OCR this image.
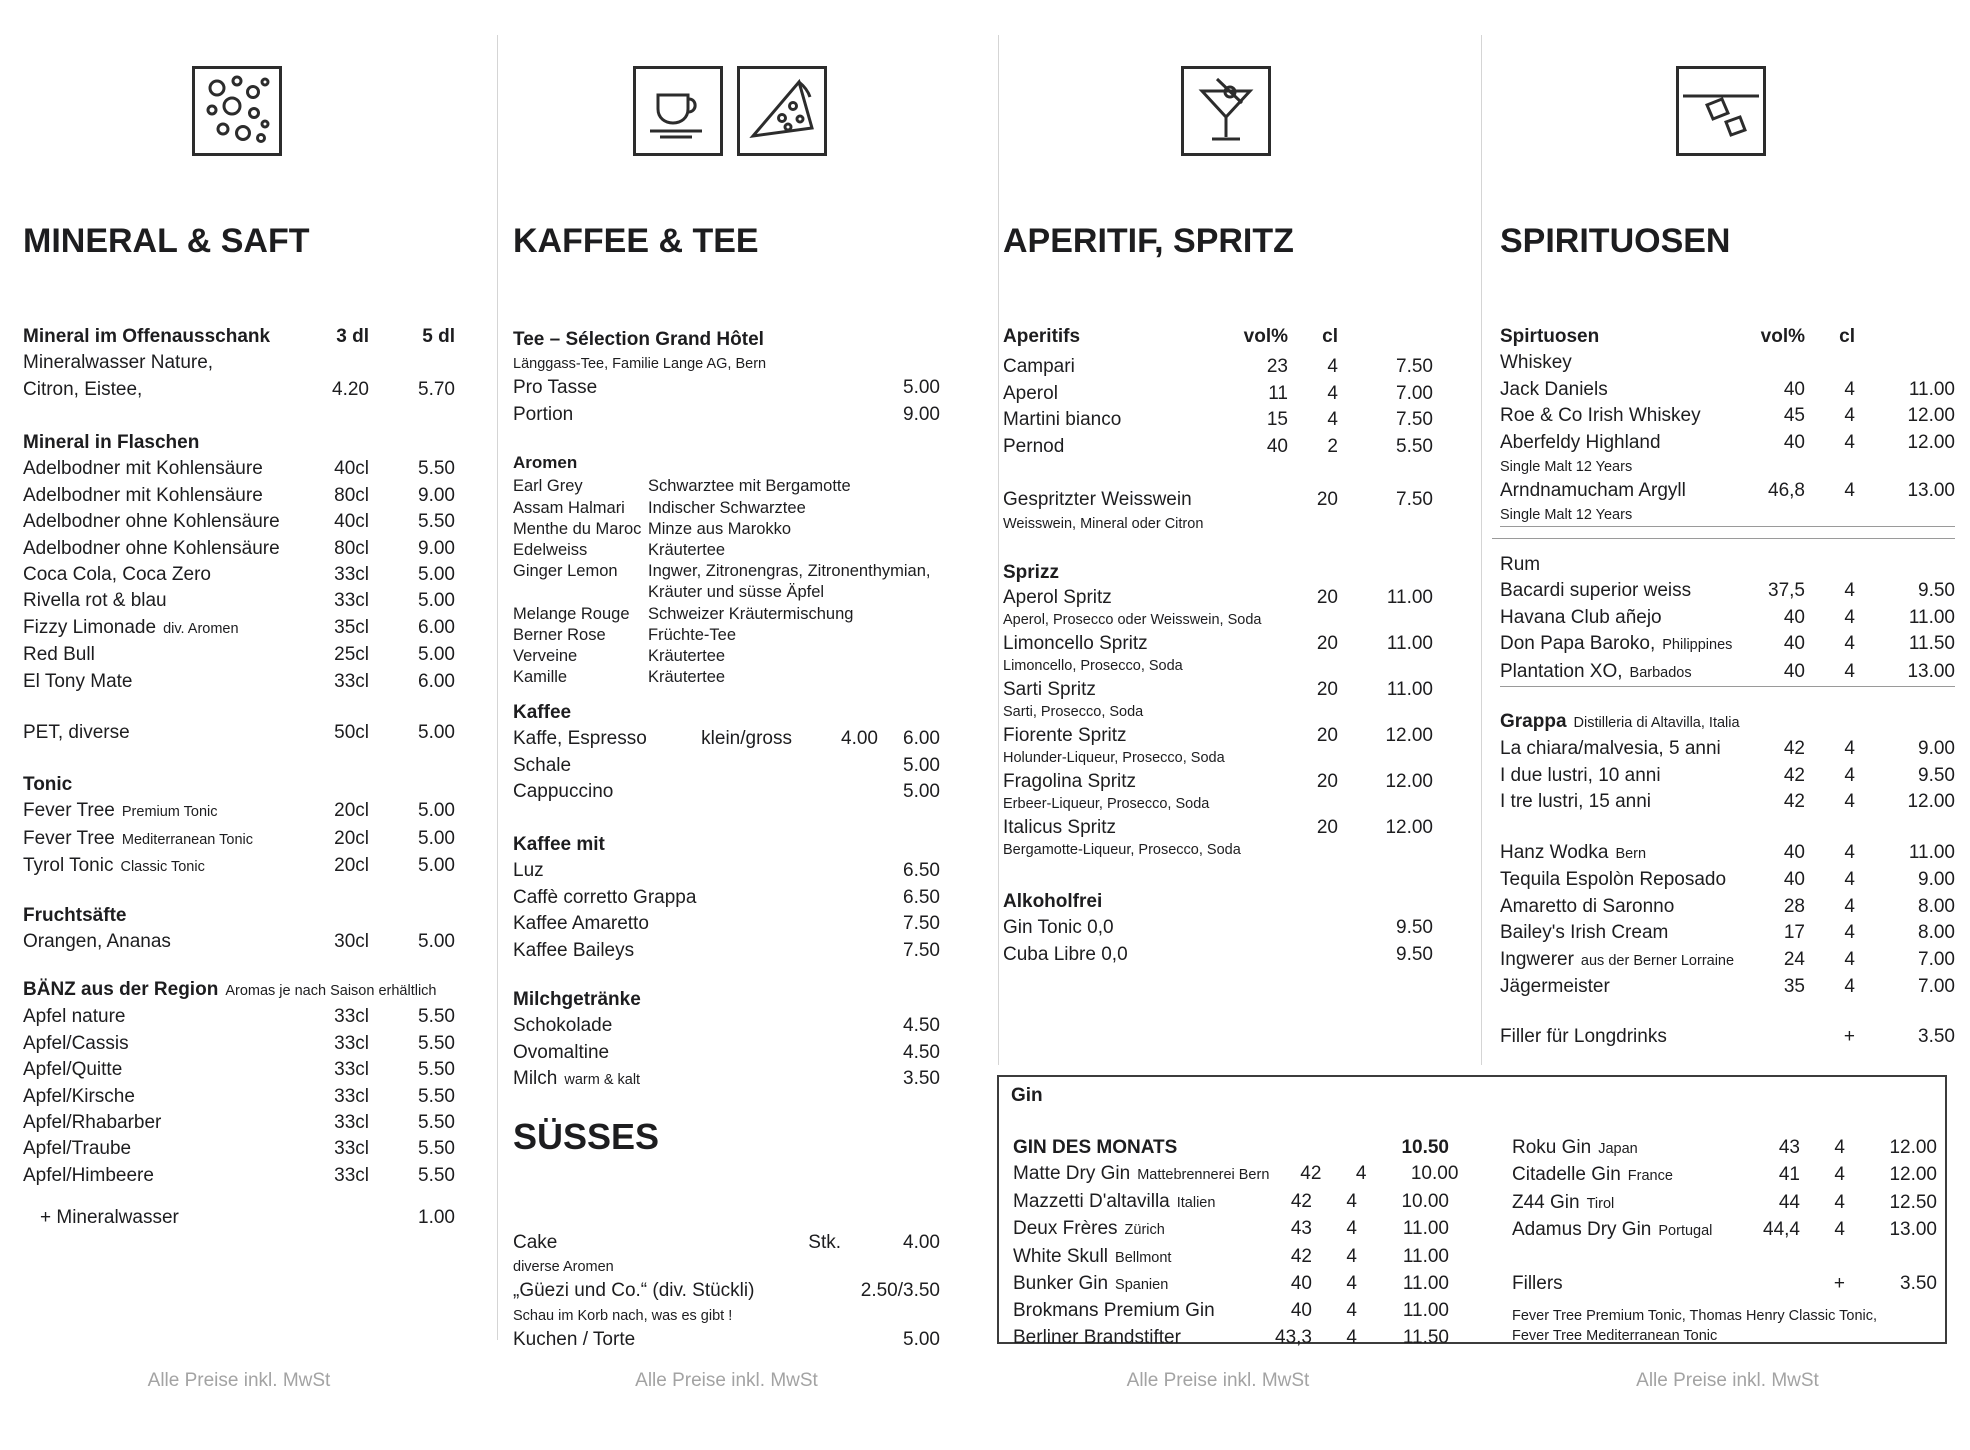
MINERAL & SAFT
Mineral im Offenausschank	3 dl	5 dl
Mineralwasser Nature,
Citron, Eistee,	4.20	5.70
Mineral in Flaschen
Adelbodner mit Kohlensäure	40cl	5.50
Adelbodner mit Kohlensäure	80cl	9.00
Adelbodner ohne Kohlensäure	40cl	5.50
Adelbodner ohne Kohlensäure	80cl	9.00
Coca Cola, Coca Zero	33cl	5.00
Rivella rot & blau	33cl	5.00
Fizzy Limonade div. Aromen	35cl	6.00
Red Bull	25cl	5.00
El Tony Mate	33cl	6.00
PET, diverse	50cl	5.00
Tonic
Fever Tree Premium Tonic	20cl	5.00
Fever Tree Mediterranean Tonic	20cl	5.00
Tyrol Tonic Classic Tonic	20cl	5.00
Fruchtsäfte
Orangen, Ananas	30cl	5.00
BÄNZ aus der Region Aromas je nach Saison erhältlich
Apfel nature	33cl	5.50
Apfel/Cassis	33cl	5.50
Apfel/Quitte	33cl	5.50
Apfel/Kirsche	33cl	5.50
Apfel/Rhabarber	33cl	5.50
Apfel/Traube	33cl	5.50
Apfel/Himbeere	33cl	5.50
+ Mineralwasser	1.00
Alle Preise inkl. MwSt
KAFFEE & TEE
Tee – Sélection Grand Hôtel
Länggass-Tee, Familie Lange AG, Bern
Pro Tasse	5.00
Portion	9.00
Aromen
Earl Grey	Schwarztee mit Bergamotte
Assam Halmari	Indischer Schwarztee
Menthe du Maroc Minze aus Marokko
Edelweiss	Kräutertee
Ginger Lemon	Ingwer, Zitronengras, Zitronenthymian, Kräuter und süsse Äpfel
Melange Rouge	Schweizer Kräutermischung
Berner Rose	Früchte-Tee
Verveine	Kräutertee
Kamille	Kräutertee
Kaffee
Kaffe, Espresso	klein/gross	4.00	6.00
Schale	5.00
Cappuccino	5.00
Kaffee mit
Luz	6.50
Caffè corretto Grappa	6.50
Kaffee Amaretto	7.50
Kaffee Baileys	7.50
Milchgetränke
Schokolade	4.50
Ovomaltine	4.50
Milch warm & kalt	3.50
SÜSSES
Cake	Stk.	4.00
diverse Aromen
„Güezi und Co.“ (div. Stückli)	2.50/3.50
Schau im Korb nach, was es gibt !
Kuchen / Torte	5.00
Alle Preise inkl. MwSt
APERITIF, SPRITZ
Aperitifs	vol%	cl
Campari	23	4	7.50
Aperol	11	4	7.00
Martini bianco	15	4	7.50
Pernod	40	2	5.50
Gespritzter Weisswein	20	7.50
Weisswein, Mineral oder Citron
Sprizz
Aperol Spritz	20	11.00
Aperol, Prosecco oder Weisswein, Soda
Limoncello Spritz	20	11.00
Limoncello, Prosecco, Soda
Sarti Spritz	20	11.00
Sarti, Prosecco, Soda
Fiorente Spritz	20	12.00
Holunder-Liqueur, Prosecco, Soda
Fragolina Spritz	20	12.00
Erbeer-Liqueur, Prosecco, Soda
Italicus Spritz	20	12.00
Bergamotte-Liqueur, Prosecco, Soda
Alkoholfrei
Gin Tonic 0,0	9.50
Cuba Libre 0,0	9.50
Alle Preise inkl. MwSt
SPIRITUOSEN
Spirtuosen	vol%	cl
Whiskey
Jack Daniels	40	4	11.00
Roe & Co Irish Whiskey	45	4	12.00
Aberfeldy Highland	40	4	12.00
Single Malt 12 Years
Arndnamucham Argyll	46,8	4	13.00
Single Malt 12 Years
Rum
Bacardi superior weiss	37,5	4	9.50
Havana Club añejo	40	4	11.00
Don Papa Baroko, Philippines	40	4	11.50
Plantation XO, Barbados	40	4	13.00
Grappa Distilleria di Altavilla, Italia
La chiara/malvesia, 5 anni	42	4	9.00
I due lustri, 10 anni	42	4	9.50
I tre lustri, 15 anni	42	4	12.00
Hanz Wodka Bern	40	4	11.00
Tequila Espolòn Reposado	40	4	9.00
Amaretto di Saronno	28	4	8.00
Bailey's Irish Cream	17	4	8.00
Ingwerer aus der Berner Lorraine	24	4	7.00
Jägermeister	35	4	7.00
Filler für Longdrinks	+	3.50
Alle Preise inkl. MwSt
Gin
GIN DES MONATS	10.50
Matte Dry Gin Mattebrennerei Bern	42	4	10.00
Mazzetti D'altavilla Italien	42	4	10.00
Deux Frères Zürich	43	4	11.00
White Skull Bellmont	42	4	11.00
Bunker Gin Spanien	40	4	11.00
Brokmans Premium Gin	40	4	11.00
Berliner Brandstifter	43,3	4	11.50
Roku Gin Japan	43	4	12.00
Citadelle Gin France	41	4	12.00
Z44 Gin Tirol	44	4	12.50
Adamus Dry Gin Portugal	44,4	4	13.00
Fillers	+	3.50
Fever Tree Premium Tonic, Thomas Henry Classic Tonic,
Fever Tree Mediterranean Tonic
